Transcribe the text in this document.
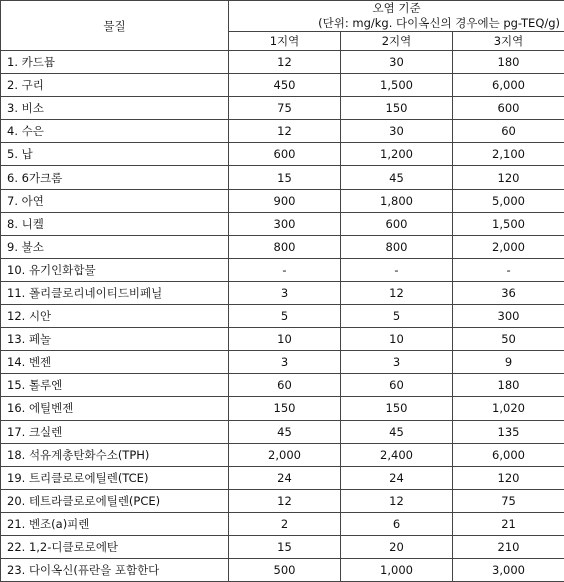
물질	오염 기준
(단위: mg/kg. 다이옥신의 경우에는 pg-TEQ/g)		

	1지역	2지역	3지역
1. 카드뮴	12	30	180
2. 구리	450	1,500	6,000
3. 비소	75	150	600
4. 수은	12	30	60
5. 납	600	1,200	2,100
6. 6가크롬	15	45	120
7. 아연	900	1,800	5,000
8. 니켈	300	600	1,500
9. 불소	800	800	2,000
10. 유기인화합물	-	-	-
11. 폴리클로리네이티드비페닐	3	12	36
12. 시안	5	5	300
13. 페놀	10	10	50
14. 벤젠	3	3	9
15. 톨루엔	60	60	180
16. 에틸벤젠	150	150	1,020
17. 크실렌	45	45	135
18. 석유계총탄화수소(TPH)	2,000	2,400	6,000
19. 트리클로로에틸렌(TCE)	24	24	120
20. 테트라클로로에틸렌(PCE)	12	12	75
21. 벤조(a)피렌	2	6	21
22. 1,2-디클로로에탄	15	20	210
23. 다이옥신(퓨란을 포함한다	500	1,000	3,000
